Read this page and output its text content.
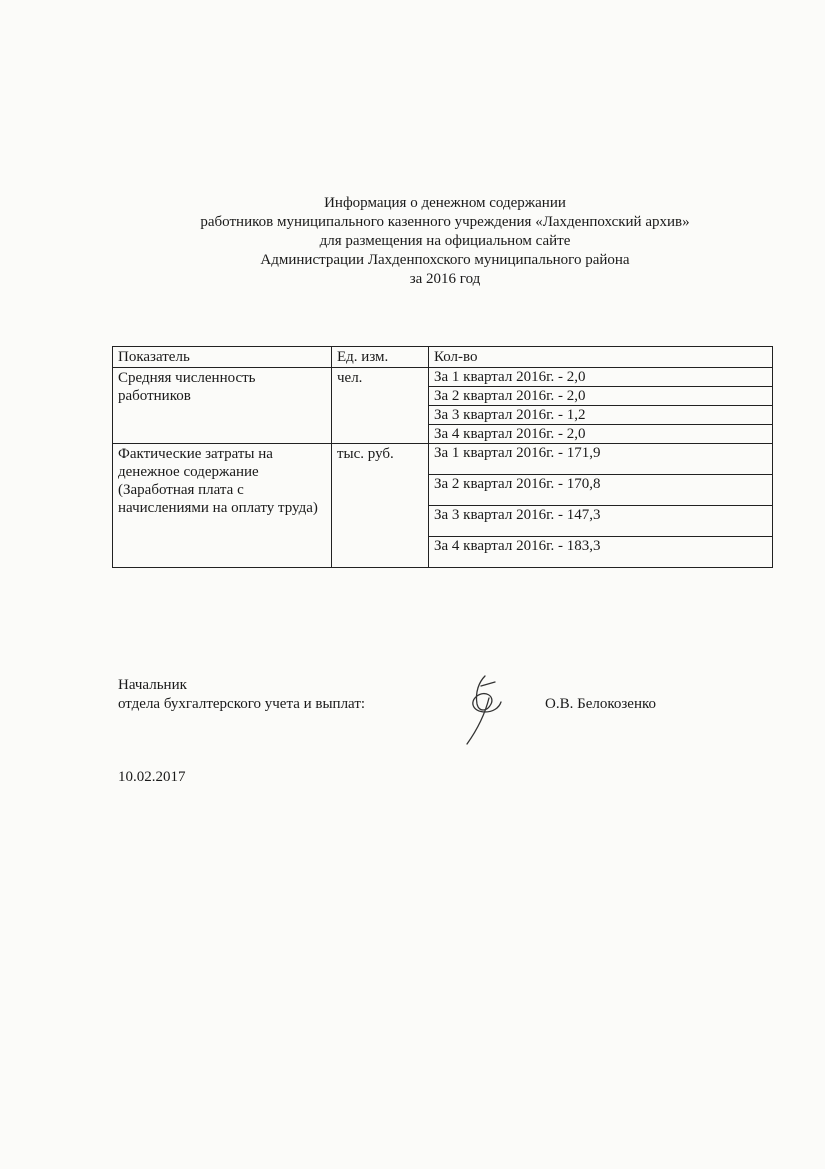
Информация о денежном содержании
работников муниципального казенного учреждения «Лахденпохский архив»
для размещения на официальном сайте
Администрации Лахденпохского муниципального района
за 2016 год
Показатель	Ед. изм.	Кол-во
Средняя численность работников	чел.	За 1 квартал 2016г. - 2,0
		За 2 квартал 2016г. - 2,0
		За 3 квартал 2016г. - 1,2
		За 4 квартал 2016г. - 2,0
Фактические затраты на денежное содержание (Заработная плата с начислениями на оплату труда)	тыс. руб.	За 1 квартал 2016г. - 171,9
		За 2 квартал 2016г. - 170,8
		За 3 квартал 2016г. - 147,3
		За 4 квартал 2016г. - 183,3
Начальник
отдела бухгалтерского учета и выплат:	О.В. Белокозенко
10.02.2017
